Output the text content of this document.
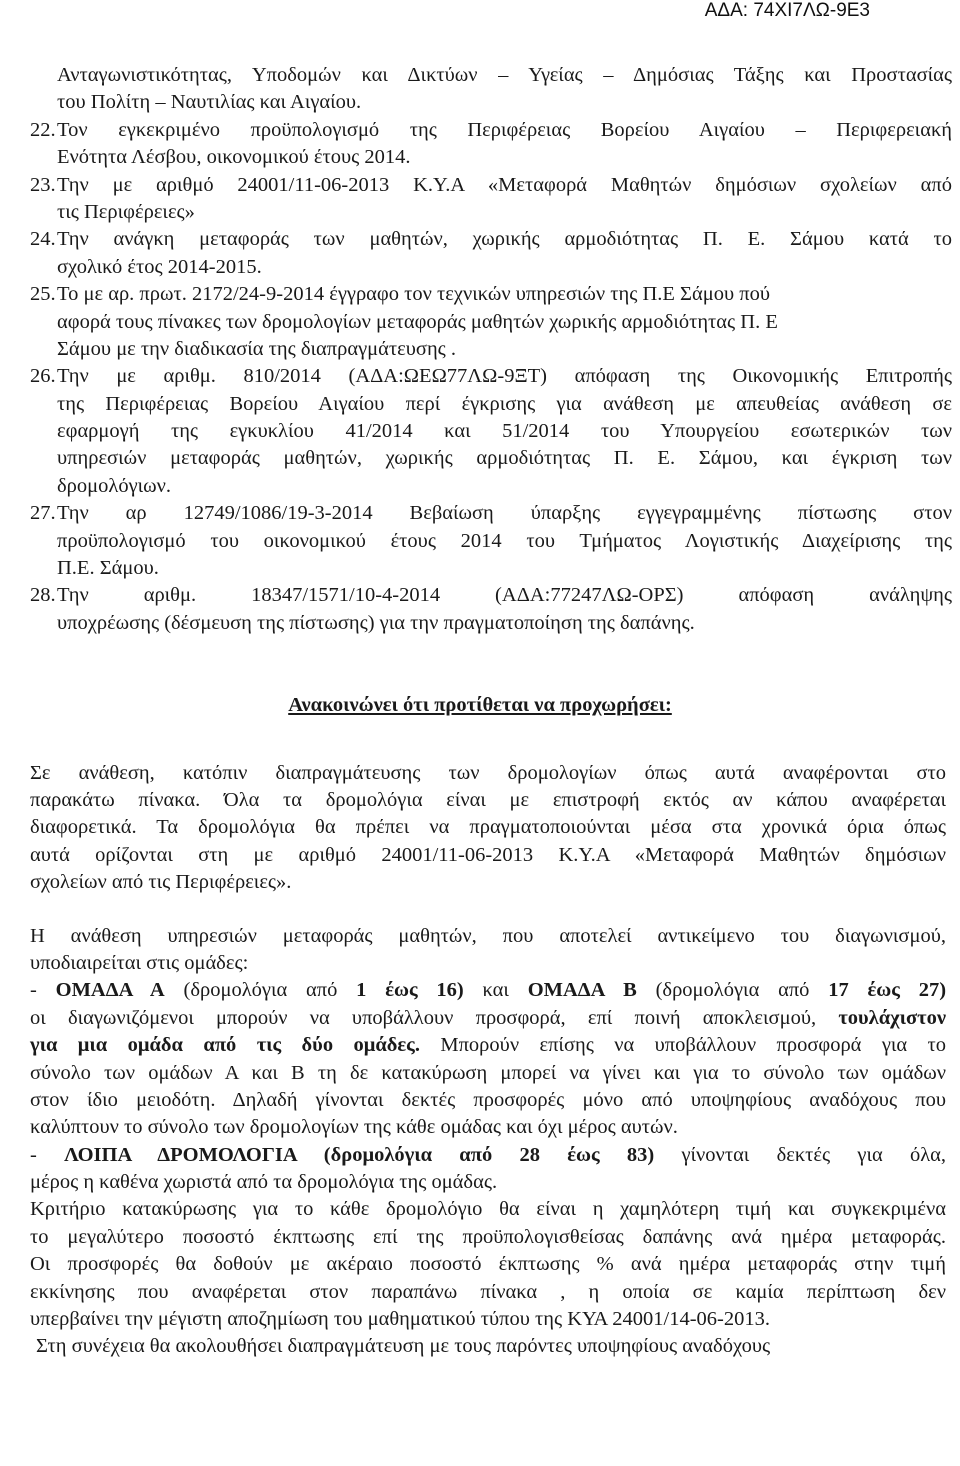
ΑΔΑ: 74ΧΙ7ΛΩ-9Ε3
Ανταγωνιστικότητας, Υποδομών και Δικτύων – Υγείας – Δημόσιας Τάξης και Προστασίας
του Πολίτη – Ναυτιλίας και Αιγαίου.
22. Τον εγκεκριμένο προϋπολογισμό της Περιφέρειας Βορείου Αιγαίου – Περιφερειακή
Ενότητα Λέσβου, οικονομικού έτους 2014.
23. Την με αριθμό 24001/11-06-2013 Κ.Υ.Α «Μεταφορά Μαθητών δημόσιων σχολείων από
τις Περιφέρειες»
24. Την ανάγκη μεταφοράς των μαθητών, χωρικής αρμοδιότητας Π. Ε. Σάμου κατά το
σχολικό έτος 2014-2015.
25. Το με αρ. πρωτ. 2172/24-9-2014 έγγραφο τον τεχνικών υπηρεσιών της Π.Ε Σάμου πού
αφορά τους πίνακες των δρομολογίων μεταφοράς μαθητών χωρικής αρμοδιότητας Π. Ε
Σάμου με την διαδικασία της διαπραγμάτευσης .
26. Την με αριθμ. 810/2014 (ΑΔΑ:ΩΕΩ77ΛΩ-9ΞΤ) απόφαση της Οικονομικής Επιτροπής
της Περιφέρειας Βορείου Αιγαίου περί έγκρισης για ανάθεση με απευθείας ανάθεση σε
εφαρμογή της εγκυκλίου 41/2014 και 51/2014 του Υπουργείου εσωτερικών των
υπηρεσιών μεταφοράς μαθητών, χωρικής αρμοδιότητας Π. Ε. Σάμου, και έγκριση των
δρομολόγιων.
27. Την αρ 12749/1086/19-3-2014 Βεβαίωση ύπαρξης εγγεγραμμένης πίστωσης στον
προϋπολογισμό του οικονομικού έτους 2014 του Τμήματος Λογιστικής Διαχείρισης της
Π.Ε. Σάμου.
28. Την αριθμ. 18347/1571/10-4-2014 (ΑΔΑ:77247ΛΩ-ΟΡΣ) απόφαση ανάληψης
υποχρέωσης (δέσμευση της πίστωσης) για την πραγματοποίηση της δαπάνης.
Ανακοινώνει ότι προτίθεται να προχωρήσει:
Σε ανάθεση, κατόπιν διαπραγμάτευσης των δρομολογίων όπως αυτά αναφέρονται στο
παρακάτω πίνακα. Όλα τα δρομολόγια είναι με επιστροφή εκτός αν κάπου αναφέρεται
διαφορετικά. Τα δρομολόγια θα πρέπει να πραγματοποιούνται μέσα στα χρονικά όρια όπως
αυτά ορίζονται στη με αριθμό 24001/11-06-2013 Κ.Υ.Α «Μεταφορά Μαθητών δημόσιων
σχολείων από τις Περιφέρειες».
Η ανάθεση υπηρεσιών μεταφοράς μαθητών, που αποτελεί αντικείμενο του διαγωνισμού,
υποδιαιρείται στις ομάδες:
- ΟΜΑΔΑ Α (δρομολόγια από 1 έως 16) και ΟΜΑΔΑ Β (δρομολόγια από 17 έως 27)
οι διαγωνιζόμενοι μπορούν να υποβάλλουν προσφορά, επί ποινή αποκλεισμού, τουλάχιστον
για μια ομάδα από τις δύο ομάδες. Μπορούν επίσης να υποβάλλουν προσφορά για το
σύνολο των ομάδων Α και Β τη δε κατακύρωση μπορεί να γίνει και για το σύνολο των ομάδων
στον ίδιο μειοδότη. Δηλαδή γίνονται δεκτές προσφορές μόνο από υποψηφίους αναδόχους που
καλύπτουν το σύνολο των δρομολογίων της κάθε ομάδας και όχι μέρος αυτών.
- ΛΟΙΠΑ ΔΡΟΜΟΛΟΓΙΑ (δρομολόγια από 28 έως 83) γίνονται δεκτές για όλα,
μέρος η καθένα χωριστά από τα δρομολόγια της ομάδας.
Κριτήριο κατακύρωσης για το κάθε δρομολόγιο θα είναι η χαμηλότερη τιμή και συγκεκριμένα
το μεγαλύτερο ποσοστό έκπτωσης επί της προϋπολογισθείσας δαπάνης ανά ημέρα μεταφοράς.
Οι προσφορές θα δοθούν με ακέραιο ποσοστό έκπτωσης % ανά ημέρα μεταφοράς στην τιμή
εκκίνησης που αναφέρεται στον παραπάνω πίνακα , η οποία σε καμία περίπτωση δεν
υπερβαίνει την μέγιστη αποζημίωση του μαθηματικού τύπου της ΚΥΑ 24001/14-06-2013.
Στη συνέχεια θα ακολουθήσει διαπραγμάτευση με τους παρόντες υποψηφίους αναδόχους
